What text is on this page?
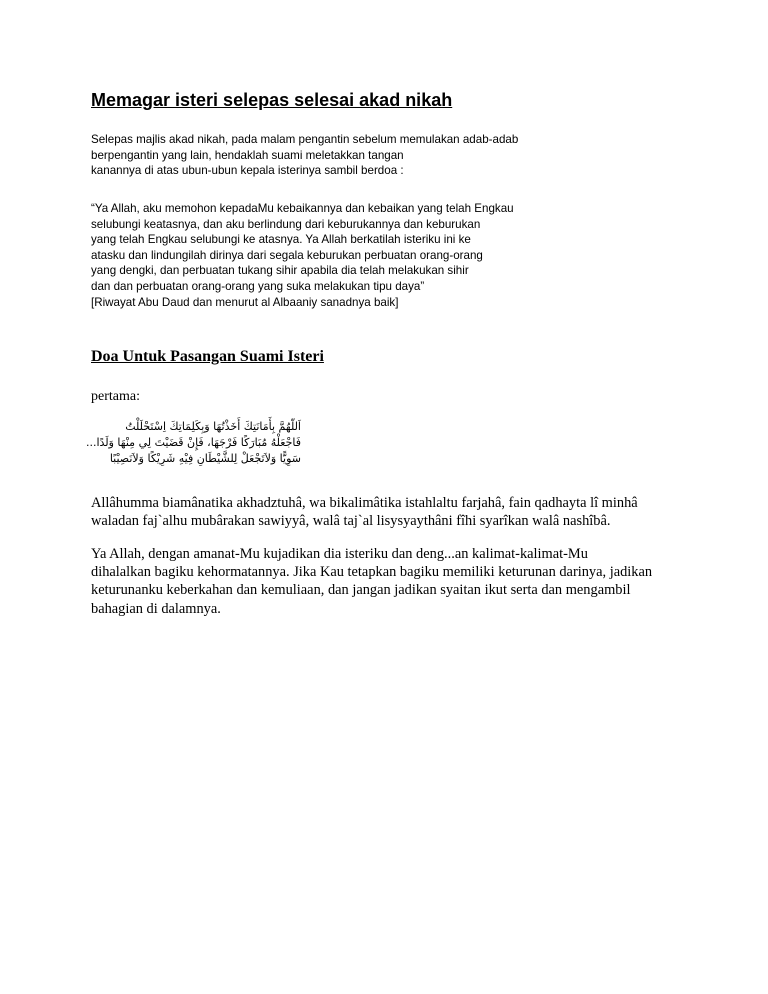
Memagar isteri selepas selesai akad nikah

Selepas majlis akad nikah, pada malam pengantin sebelum memulakan adab-adab
berpengantin yang lain, hendaklah suami meletakkan tangan
kanannya di atas ubun-ubun kepala isterinya sambil berdoa :

“Ya Allah, aku memohon kepadaMu kebaikannya dan kebaikan yang telah Engkau
selubungi keatasnya, dan aku berlindung dari keburukannya dan keburukan
yang telah Engkau selubungi ke atasnya. Ya Allah berkatilah isteriku ini ke
atasku dan lindungilah dirinya dari segala keburukan perbuatan orang-orang
yang dengki, dan perbuatan tukang sihir apabila dia telah melakukan sihir
dan dan perbuatan orang-orang yang suka melakukan tipu daya”
[Riwayat Abu Daud dan menurut al Albaaniy sanadnya baik]

Doa Untuk Pasangan Suami Isteri

pertama:

اَللّهُمَّ بِأَمَانَتِكَ أَخَذْتُهَا وَبِكَلِمَاتِكَ اِسْتَحْلَلْتُ
فَاجْعَلْهُ مُبَارَكًا فَرْجَهَا، فَإِنْ قَضَيْتَ لِي مِنْهَا وَلَدًا...
سَوِيًّا وَلاَتَجْعَلْ لِلشَّيْطَانِ فِيْهِ شَرِيْكًا وَلاَنَصِيْبًا

Allâhumma biamânatika akhadztuhâ, wa bikalimâtika istahlaltu farjahâ, fain qadhayta lî minhâ
waladan faj`alhu mubârakan sawiyyâ, walâ taj`al lisysyaythâni fîhi syarîkan walâ nashîbâ.

Ya Allah, dengan amanat-Mu kujadikan dia isteriku dan deng...an kalimat-kalimat-Mu
dihalalkan bagiku kehormatannya. Jika Kau tetapkan bagiku memiliki keturunan darinya, jadikan
keturunanku keberkahan dan kemuliaan, dan jangan jadikan syaitan ikut serta dan mengambil
bahagian di dalamnya.
